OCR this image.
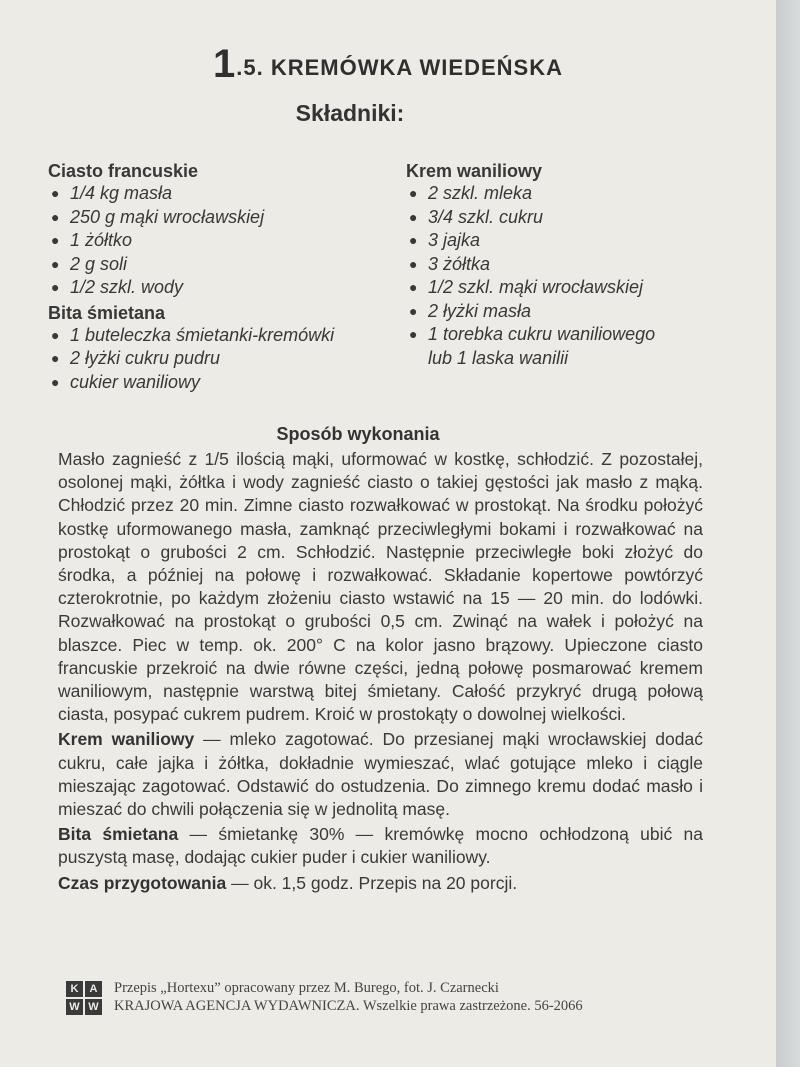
1.5. KREMÓWKA WIEDEŃSKA
Składniki:

Ciasto francuskie

● 1/4 kg masła
● 250 g mąki wrocławskiej
● 1 żółtko
● 2 g soli
● 1/2 szkl. wody

Bita śmietana

● 1 buteleczka śmietanki-kremówki
● 2 łyżki cukru pudru
● cukier waniliowy

Krem waniliowy

● 2 szkl. mleka
● 3/4 szkl. cukru
● 3 jajka
● 3 żółtka
● 1/2 szkl. mąki wrocławskiej
● 2 łyżki masła
● 1 torebka cukru waniliowego
lub 1 laska wanilii
Sposób wykonania

Masło zagnieść z 1/5 ilością mąki, uformować w kostkę, schłodzić. Z pozostałej, osolonej mąki, żółtka i wody zagnieść ciasto o takiej gęstości jak masło z mąką. Chłodzić przez 20 min. Zimne ciasto rozwałkować w prostokąt. Na środku położyć kostkę uformowanego masła, zamknąć przeciwległymi bokami i rozwałkować na prostokąt o grubości 2 cm. Schłodzić. Następnie przeciwległe boki złożyć do środka, a później na połowę i rozwałkować. Składanie kopertowe powtórzyć czterokrotnie, po każdym złożeniu ciasto wstawić na 15 — 20 min. do lodówki. Rozwałkować na prostokąt o grubości 0,5 cm. Zwinąć na wałek i położyć na blaszce. Piec w temp. ok. 200° C na kolor jasno brązowy. Upieczone ciasto francuskie przekroić na dwie równe części, jedną połowę posmarować kremem waniliowym, następnie warstwą bitej śmietany. Całość przykryć drugą połową ciasta, posypać cukrem pudrem. Kroić w prostokąty o dowolnej wielkości.

Krem waniliowy — mleko zagotować. Do przesianej mąki wrocławskiej dodać cukru, całe jajka i żółtka, dokładnie wymieszać, wlać gotujące mleko i ciągle mieszając zagotować. Odstawić do ostudzenia. Do zimnego kremu dodać masło i mieszać do chwili połączenia się w jednolitą masę.

Bita śmietana — śmietankę 30% — kremówkę mocno ochłodzoną ubić na puszystą masę, dodając cukier puder i cukier waniliowy.

Czas przygotowania — ok. 1,5 godz. Przepis na 20 porcji.

K	A
W W
Przepis „Hortexu” opracowany przez M. Burego, fot. J. Czarnecki
KRAJOWA AGENCJA WYDAWNICZA. Wszelkie prawa zastrzeżone. 56-2066
